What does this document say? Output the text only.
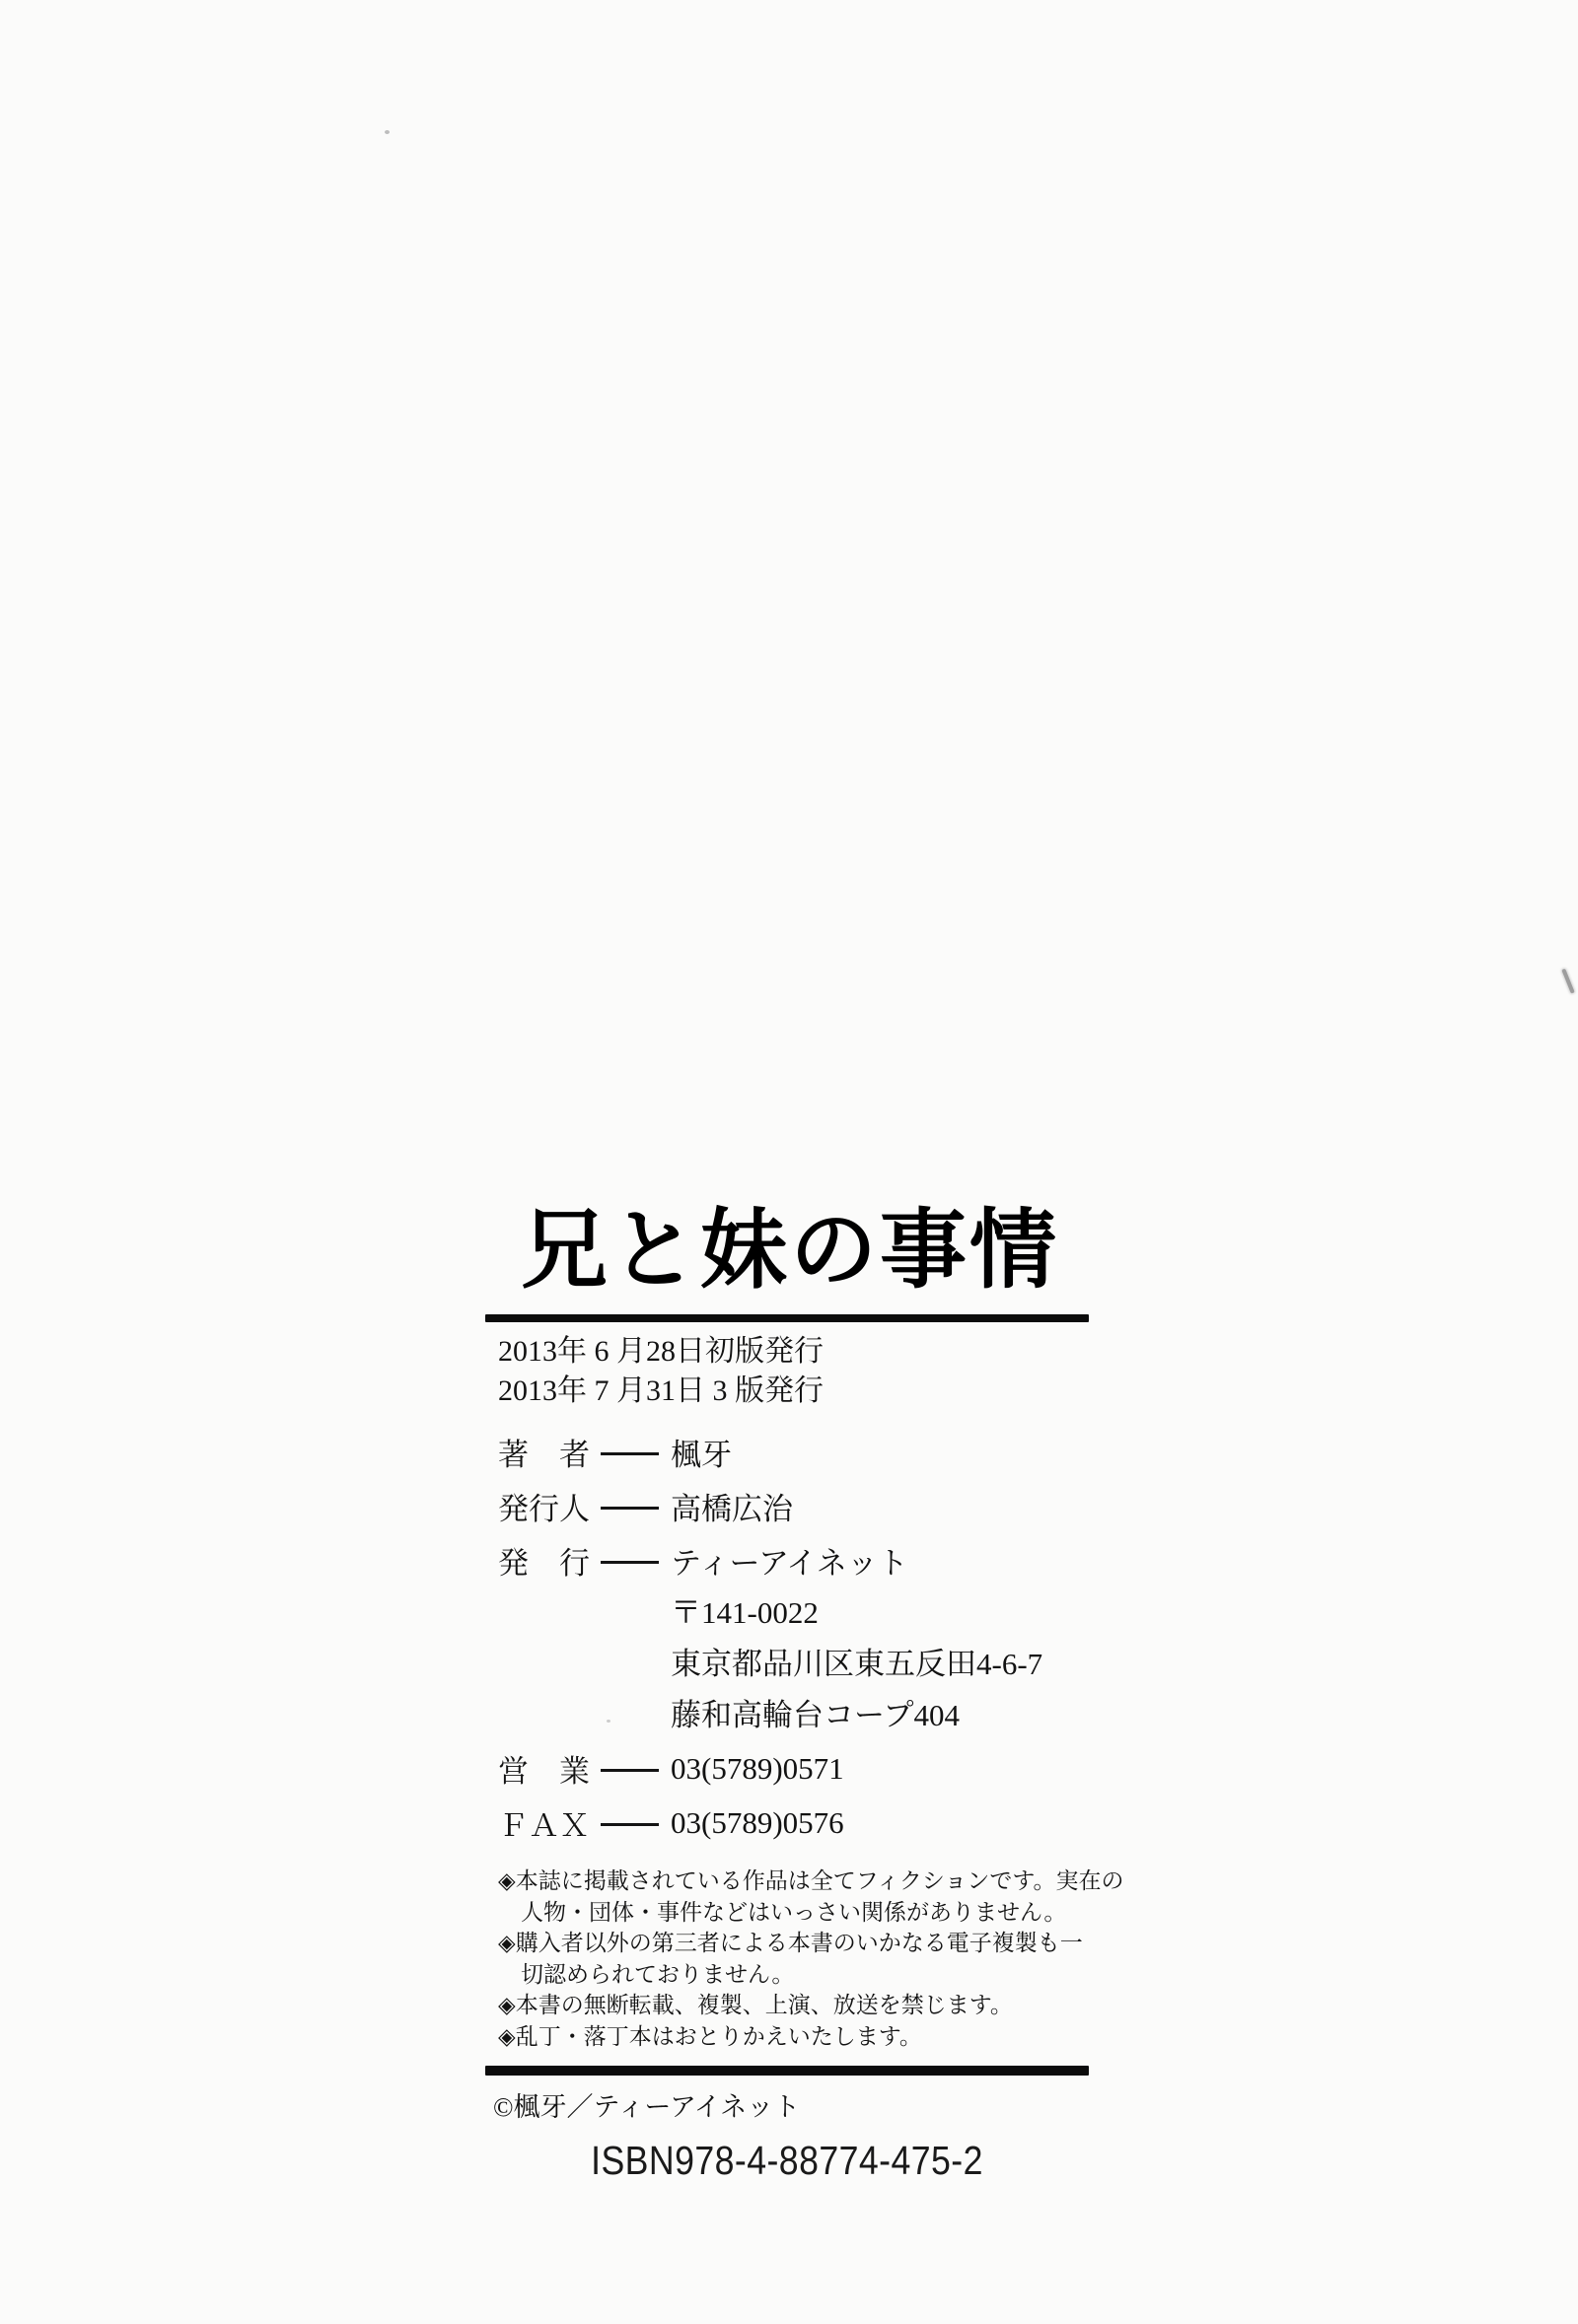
兄と妹の事情
2013年 6 月28日初版発行
2013年 7 月31日 3 版発行
著　者	楓牙
発行人	高橋広治
発　行	ティーアイネット
〒141-0022
東京都品川区東五反田4-6-7
藤和高輪台コープ404
営　業	03(5789)0571
ＦＡＸ	03(5789)0576
◈本誌に掲載されている作品は全てフィクションです。実在の
人物・団体・事件などはいっさい関係がありません。
◈購入者以外の第三者による本書のいかなる電子複製も一
切認められておりません。
◈本書の無断転載、複製、上演、放送を禁じます。
◈乱丁・落丁本はおとりかえいたします。
©楓牙／ティーアイネット
ISBN978-4-88774-475-2
